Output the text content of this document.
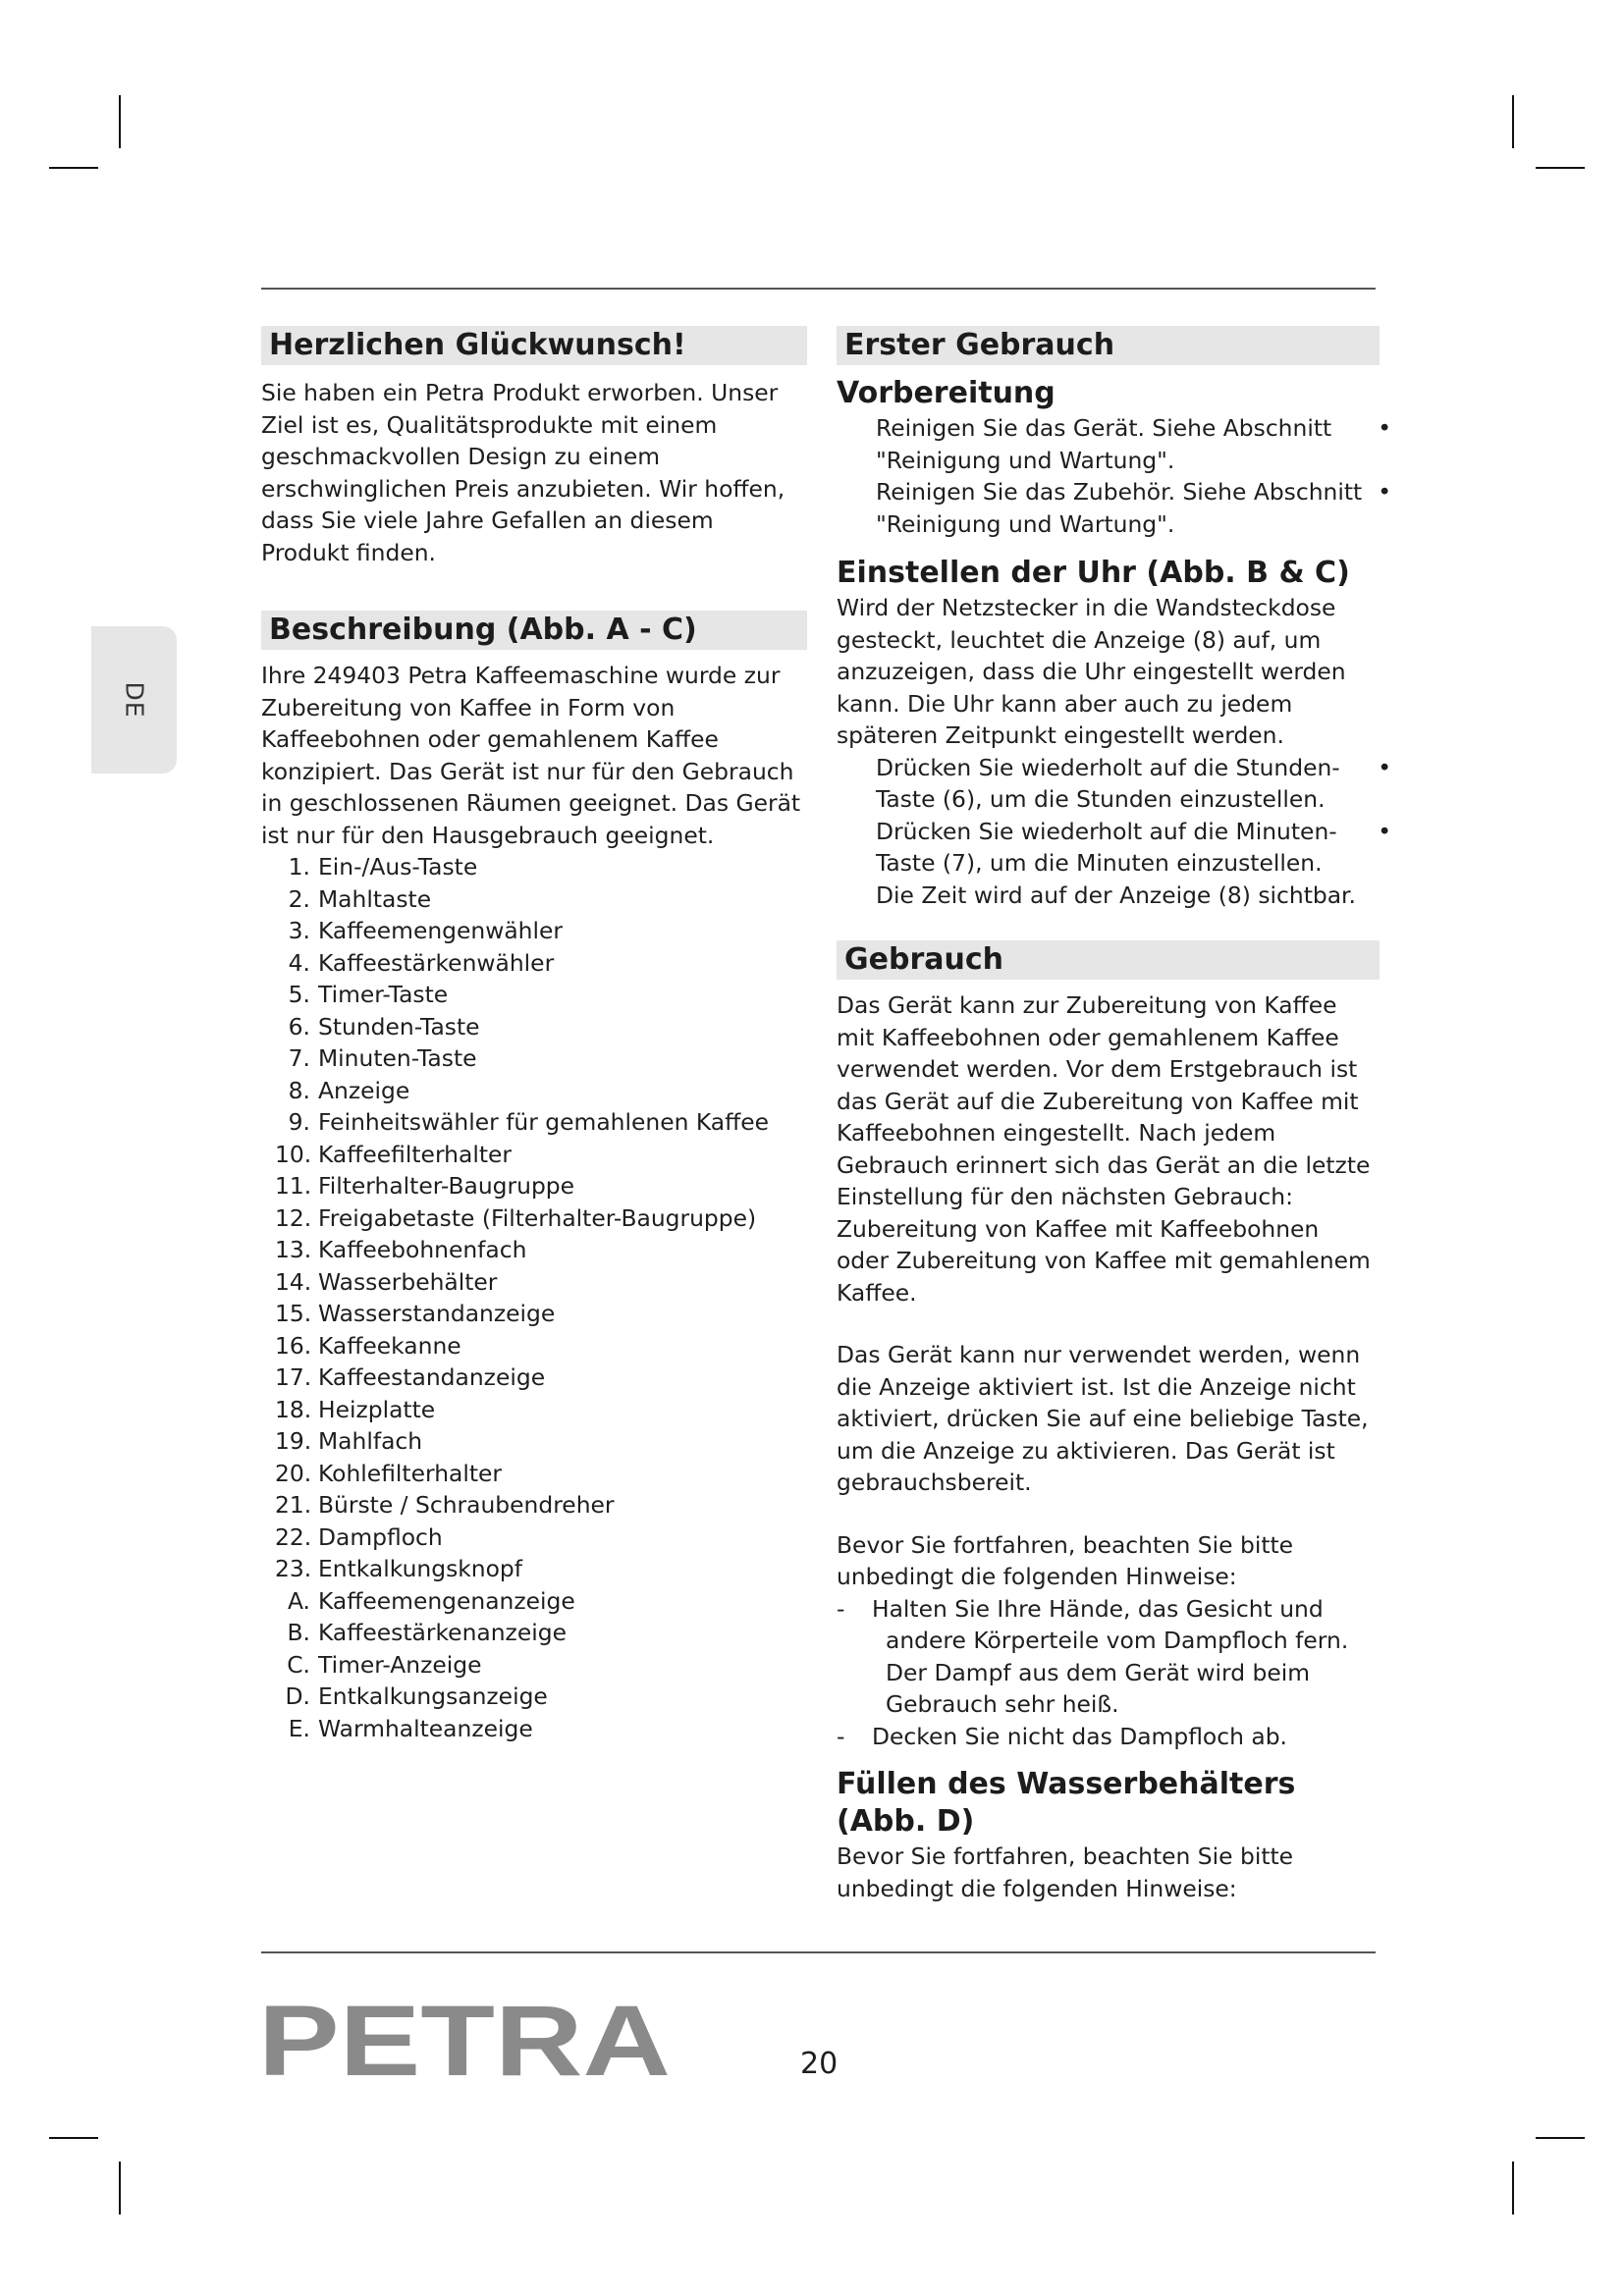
DE
Herzlichen Glückwunsch!

Sie haben ein Petra Produkt erworben. Unser

Ziel ist es, Qualitätsprodukte mit einem

geschmackvollen Design zu einem

erschwinglichen Preis anzubieten. Wir hoffen,

dass Sie viele Jahre Gefallen an diesem

Produkt finden.

Beschreibung (Abb. A - C)

Ihre 249403 Petra Kaffeemaschine wurde zur

Zubereitung von Kaffee in Form von

Kaffeebohnen oder gemahlenem Kaffee

konzipiert. Das Gerät ist nur für den Gebrauch

in geschlossenen Räumen geeignet. Das Gerät

ist nur für den Hausgebrauch geeignet.

1. Ein-/Aus-Taste
2. Mahltaste
3. Kaffeemengenwähler
4. Kaffeestärkenwähler
5. Timer-Taste
6. Stunden-Taste
7. Minuten-Taste
8. Anzeige
9. Feinheitswähler für gemahlenen Kaffee
10. Kaffeefilterhalter
11. Filterhalter-Baugruppe
12. Freigabetaste (Filterhalter-Baugruppe)
13. Kaffeebohnenfach
14. Wasserbehälter
15. Wasserstandanzeige
16. Kaffeekanne
17. Kaffeestandanzeige
18. Heizplatte
19. Mahlfach
20. Kohlefilterhalter
21. Bürste / Schraubendreher
22. Dampfloch
23. Entkalkungsknopf
A. Kaffeemengenanzeige
B. Kaffeestärkenanzeige
C. Timer-Anzeige
D. Entkalkungsanzeige
E. Warmhalteanzeige
Erster Gebrauch
Vorbereitung
Reinigen Sie das Gerät. Siehe Abschnitt
"Reinigung und Wartung".
•
Reinigen Sie das Zubehör. Siehe Abschnitt
"Reinigung und Wartung".
•
Einstellen der Uhr (Abb. B & C)

Wird der Netzstecker in die Wandsteckdose

gesteckt, leuchtet die Anzeige (8) auf, um

anzuzeigen, dass die Uhr eingestellt werden

kann. Die Uhr kann aber auch zu jedem

späteren Zeitpunkt eingestellt werden.

Drücken Sie wiederholt auf die Stunden-
Taste (6), um die Stunden einzustellen.
•
Drücken Sie wiederholt auf die Minuten-
Taste (7), um die Minuten einzustellen.
•
Die Zeit wird auf der Anzeige (8) sichtbar.
Gebrauch

Das Gerät kann zur Zubereitung von Kaffee

mit Kaffeebohnen oder gemahlenem Kaffee

verwendet werden. Vor dem Erstgebrauch ist

das Gerät auf die Zubereitung von Kaffee mit

Kaffeebohnen eingestellt. Nach jedem

Gebrauch erinnert sich das Gerät an die letzte

Einstellung für den nächsten Gebrauch:

Zubereitung von Kaffee mit Kaffeebohnen

oder Zubereitung von Kaffee mit gemahlenem

Kaffee.

Das Gerät kann nur verwendet werden, wenn

die Anzeige aktiviert ist. Ist die Anzeige nicht

aktiviert, drücken Sie auf eine beliebige Taste,

um die Anzeige zu aktivieren. Das Gerät ist

gebrauchsbereit.

Bevor Sie fortfahren, beachten Sie bitte

unbedingt die folgenden Hinweise:

- Halten Sie Ihre Hände, das Gesicht und
andere Körperteile vom Dampfloch fern.
Der Dampf aus dem Gerät wird beim
Gebrauch sehr heiß.
- Decken Sie nicht das Dampfloch ab.
Füllen des Wasserbehälters (Abb. D)

Bevor Sie fortfahren, beachten Sie bitte

unbedingt die folgenden Hinweise:

PETRA	20
